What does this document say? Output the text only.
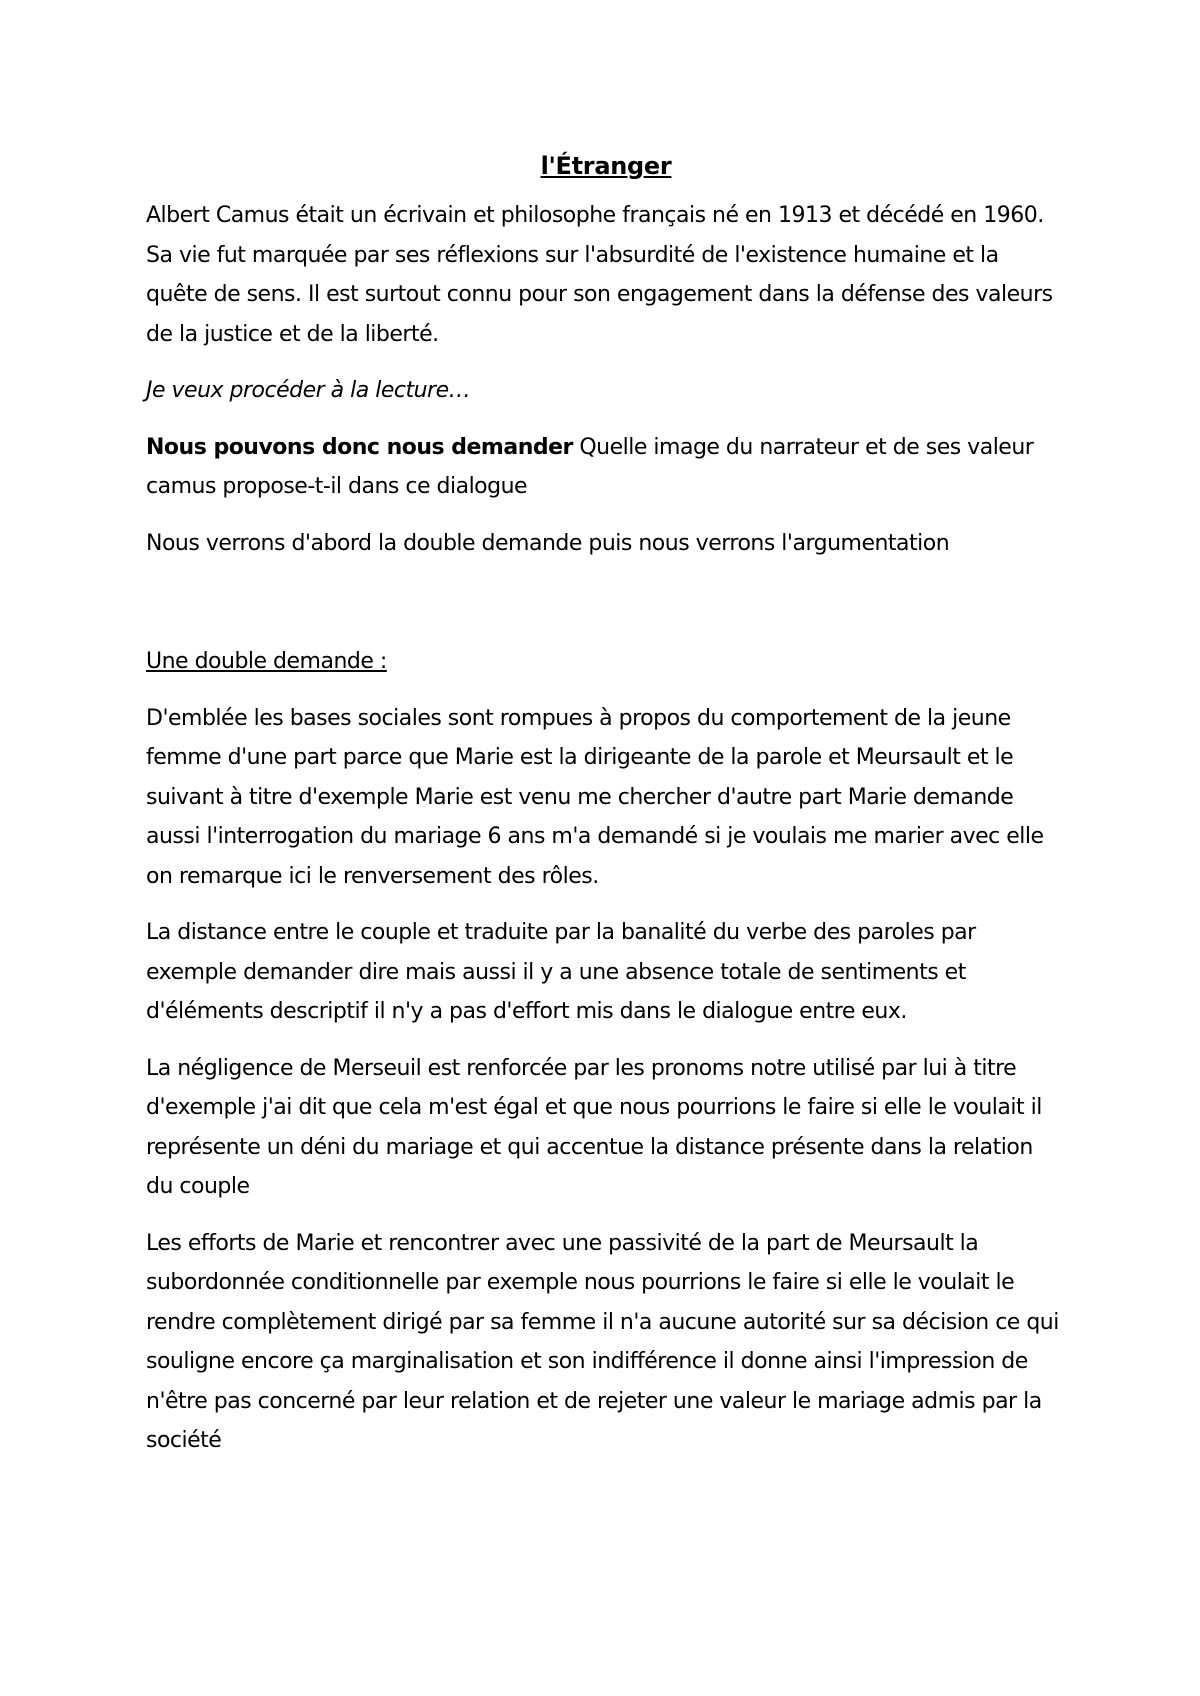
l'Étranger

Albert Camus était un écrivain et philosophe français né en 1913 et décédé en 1960. Sa vie fut marquée par ses réflexions sur l'absurdité de l'existence humaine et la quête de sens. Il est surtout connu pour son engagement dans la défense des valeurs de la justice et de la liberté.

Je veux procéder à la lecture…

Nous pouvons donc nous demander Quelle image du narrateur et de ses valeur camus propose-t-il dans ce dialogue

Nous verrons d'abord la double demande puis nous verrons l'argumentation

Une double demande :

D'emblée les bases sociales sont rompues à propos du comportement de la jeune femme d'une part parce que Marie est la dirigeante de la parole et Meursault et le suivant à titre d'exemple Marie est venu me chercher d'autre part Marie demande aussi l'interrogation du mariage 6 ans m'a demandé si je voulais me marier avec elle on remarque ici le renversement des rôles.

La distance entre le couple et traduite par la banalité du verbe des paroles par exemple demander dire mais aussi il y a une absence totale de sentiments et d'éléments descriptif il n'y a pas d'effort mis dans le dialogue entre eux.

La négligence de Merseuil est renforcée par les pronoms notre utilisé par lui à titre d'exemple j'ai dit que cela m'est égal et que nous pourrions le faire si elle le voulait il représente un déni du mariage et qui accentue la distance présente dans la relation du couple

Les efforts de Marie et rencontrer avec une passivité de la part de Meursault la subordonnée conditionnelle par exemple nous pourrions le faire si elle le voulait le rendre complètement dirigé par sa femme il n'a aucune autorité sur sa décision ce qui souligne encore ça marginalisation et son indifférence il donne ainsi l'impression de n'être pas concerné par leur relation et de rejeter une valeur le mariage admis par la société
